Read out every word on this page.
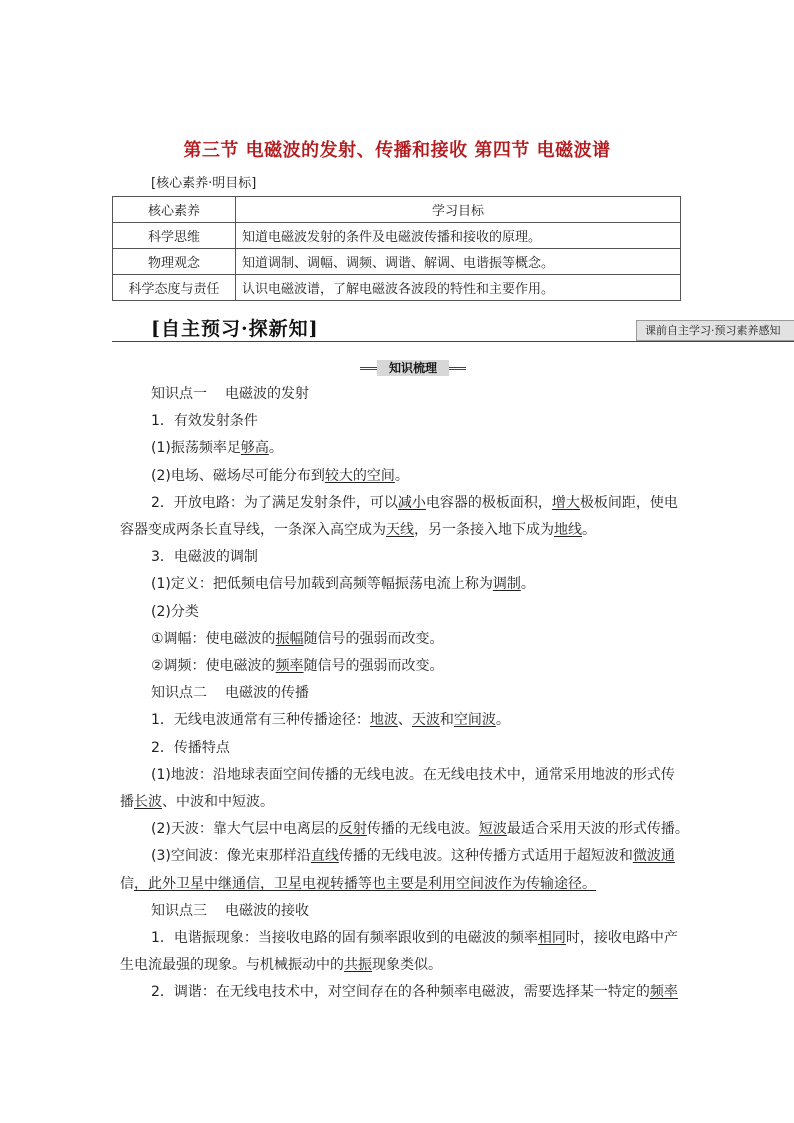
第三节 电磁波的发射、传播和接收 第四节 电磁波谱
[核心素养·明目标]
核心素养	学习目标
科学思维	知道电磁波发射的条件及电磁波传播和接收的原理。
物理观念	知道调制、调幅、调频、调谐、解调、电谐振等概念。
科学态度与责任	认识电磁波谱，了解电磁波各波段的特性和主要作用。
[自主预习·探新知]	课前自主学习·预习素养感知
知识梳理
知识点一 电磁波的发射
1．有效发射条件
(1)振荡频率足够高。
(2)电场、磁场尽可能分布到较大的空间。
2．开放电路：为了满足发射条件，可以减小电容器的极板面积，增大极板间距，使电
容器变成两条长直导线，一条深入高空成为天线，另一条接入地下成为地线。
3．电磁波的调制
(1)定义：把低频电信号加载到高频等幅振荡电流上称为调制。
(2)分类
①调幅：使电磁波的振幅随信号的强弱而改变。
②调频：使电磁波的频率随信号的强弱而改变。
知识点二 电磁波的传播
1．无线电波通常有三种传播途径：地波、天波和空间波。
2．传播特点
(1)地波：沿地球表面空间传播的无线电波。在无线电技术中，通常采用地波的形式传
播长波、中波和中短波。
(2)天波：靠大气层中电离层的反射传播的无线电波。短波最适合采用天波的形式传播。
(3)空间波：像光束那样沿直线传播的无线电波。这种传播方式适用于超短波和微波通
信，此外卫星中继通信，卫星电视转播等也主要是利用空间波作为传输途径。
知识点三 电磁波的接收
1．电谐振现象：当接收电路的固有频率跟收到的电磁波的频率相同时，接收电路中产
生电流最强的现象。与机械振动中的共振现象类似。
2．调谐：在无线电技术中，对空间存在的各种频率电磁波，需要选择某一特定的频率
